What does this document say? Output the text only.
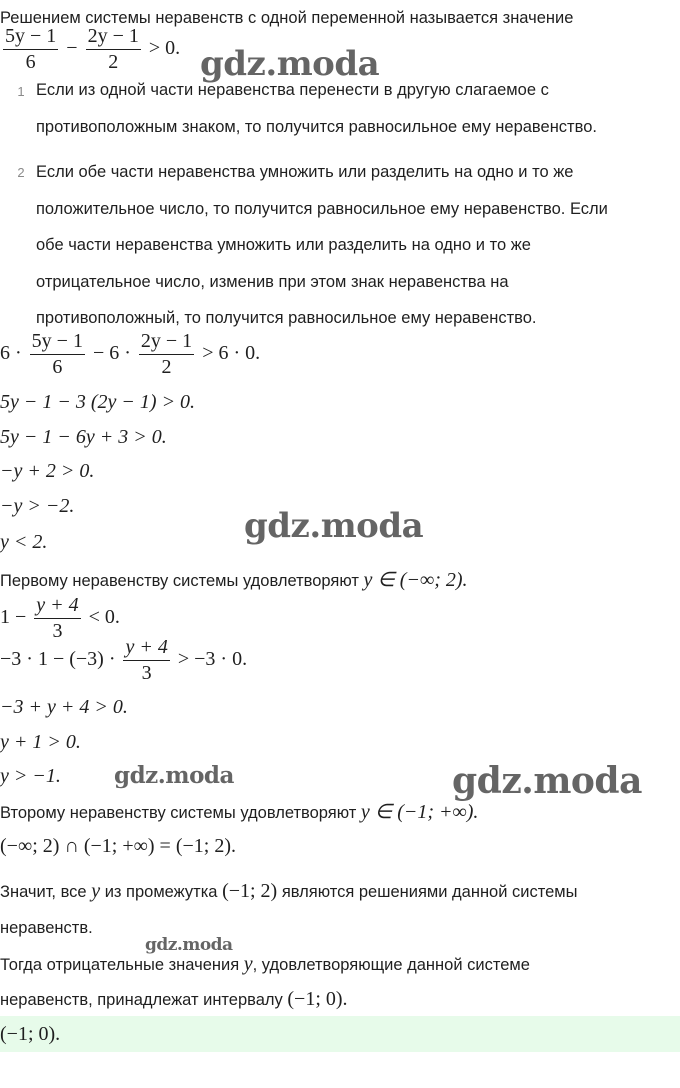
Решением системы неравенств с одной переменной называется значение
$\frac{5y - 1}{6} - \frac{2y - 1}{2} > 0$. gdz.moda
1 Если из одной части неравенства перенести в другую слагаемое с
противоположным знаком, то получится равносильное ему неравенство.
2 Если обе части неравенства умножить или разделить на одно и то же
положительное число, то получится равносильное ему неравенство. Если
обе части неравенства умножить или разделить на одно и то же
отрицательное число, изменив при этом знак неравенства на
противоположный, то получится равносильное ему неравенство.
$6 \cdot \frac{5y - 1}{6} - 6 \cdot \frac{2y - 1}{2} > 6 \cdot 0$.
5y − 1 − 3 (2y − 1) > 0.
5y − 1 − 6y + 3 > 0.
−y + 2 > 0.
−y > −2.
y < 2.	gdz.moda
Первому неравенству системы удовлетворяют y ∈ (−∞; 2).
$1 - \frac{y + 4}{3} < 0$.
$-3 \cdot 1 - (-3) \cdot \frac{y + 4}{3} > -3 \cdot 0$.
−3 + y + 4 > 0.
y + 1 > 0.
y > −1. gdz.moda	gdz.moda
Второму неравенству системы удовлетворяют y ∈ (−1; +∞).
(−∞; 2) ∩ (−1; +∞) = (−1; 2).
Значит, все y из промежутка (−1; 2) являются решениями данной системы
неравенств.
gdz.moda
Тогда отрицательные значения y, удовлетворяющие данной системе
неравенств, принадлежат интервалу (−1; 0).
(−1; 0).
